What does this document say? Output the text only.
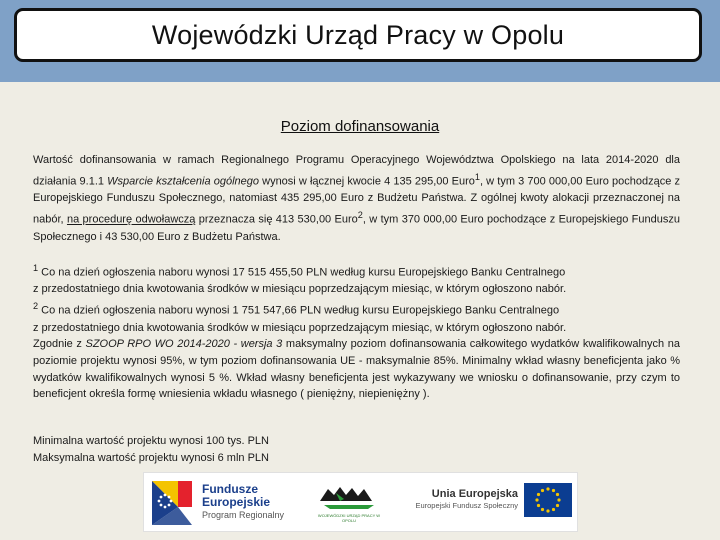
Wojewódzki Urząd Pracy w Opolu
Poziom dofinansowania

Wartość dofinansowania w ramach Regionalnego Programu Operacyjnego Województwa Opolskiego na lata 2014-2020 dla działania 9.1.1 Wsparcie kształcenia ogólnego wynosi w łącznej kwocie 4 135 295,00 Euro$^1$, w tym 3 700 000,00 Euro pochodzące z Europejskiego Funduszu Społecznego, natomiast 435 295,00 Euro z Budżetu Państwa. Z ogólnej kwoty alokacji przeznaczonej na nabór, na procedurę odwoławczą przeznacza się 413 530,00 Euro$^2$, w tym 370 000,00 Euro pochodzące z Europejskiego Funduszu Społecznego i 43 530,00 Euro z Budżetu Państwa.

$^1$ Co na dzień ogłoszenia naboru wynosi 17 515 455,50 PLN według kursu Europejskiego Banku Centralnego
z przedostatniego dnia kwotowania środków w miesiącu poprzedzającym miesiąc, w którym ogłoszono nabór.
$^2$ Co na dzień ogłoszenia naboru wynosi 1 751 547,66 PLN według kursu Europejskiego Banku Centralnego
z przedostatniego dnia kwotowania środków w miesiącu poprzedzającym miesiąc, w którym ogłoszono nabór.

Zgodnie z SZOOP RPO WO 2014-2020 - wersja 3 maksymalny poziom dofinansowania całkowitego wydatków kwalifikowalnych na poziomie projektu wynosi 95%, w tym poziom dofinansowania UE - maksymalnie 85%. Minimalny wkład własny beneficjenta jako % wydatków kwalifikowalnych wynosi 5 %. Wkład własny beneficjenta jest wykazywany we wniosku o dofinansowanie, przy czym to beneficjent określa formę wniesienia wkładu własnego ( pieniężny, niepieniężny ).

Minimalna wartość projektu wynosi 100 tys. PLN
Maksymalna wartość projektu wynosi 6 mln PLN

Fundusze
Europejskie
Program Regionalny	WOJEWÓDZKI URZĄD PRACY W OPOLU
Unia Europejska
Europejski Fundusz Społeczny
